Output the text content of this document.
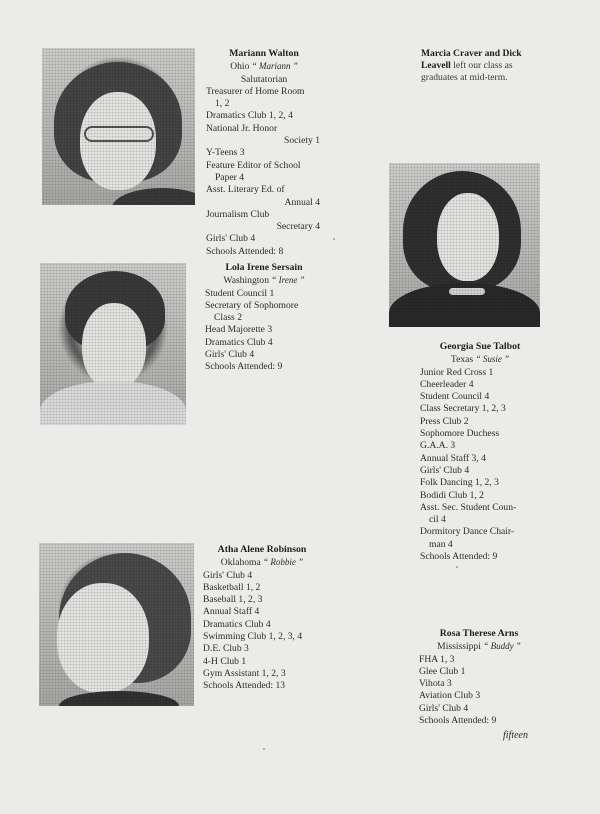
Mariann Walton
Ohio “ Mariann ”
Salutatorian
Treasurer of Home Room
1, 2
Dramatics Club 1, 2, 4
National Jr. Honor
Society 1
Y-Teens 3
Feature Editor of School
Paper 4
Asst. Literary Ed. of
Annual 4
Journalism Club
Secretary 4
Girls' Club 4
Schools Attended: 8
Marcia Craver and Dick Leavell left our class as graduates at mid-term.
Lola Irene Sersain
Washington “ Irene ”
Student Council 1
Secretary of Sophomore
Class 2
Head Majorette 3
Dramatics Club 4
Girls' Club 4
Schools Attended: 9
Georgia Sue Talbot
Texas “ Susie ”
Junior Red Cross 1
Cheerleader 4
Student Council 4
Class Secretary 1, 2, 3
Press Club 2
Sophomore Duchess
G.A.A. 3
Annual Staff 3, 4
Girls' Club 4
Folk Dancing 1, 2, 3
Bodidi Club 1, 2
Asst. Sec. Student Coun-
cil 4
Dormitory Dance Chair-
man 4
Schools Attended: 9
Atha Alene Robinson
Oklahoma “ Robbie ”
Girls' Club 4
Basketball 1, 2
Baseball 1, 2, 3
Annual Staff 4
Dramatics Club 4
Swimming Club 1, 2, 3, 4
D.E. Club 3
4-H Club 1
Gym Assistant 1, 2, 3
Schools Attended: 13
Rosa Therese Arns
Mississippi “ Buddy ”
FHA 1, 3
Glee Club 1
Vihota 3
Aviation Club 3
Girls' Club 4
Schools Attended: 9
fifteen
